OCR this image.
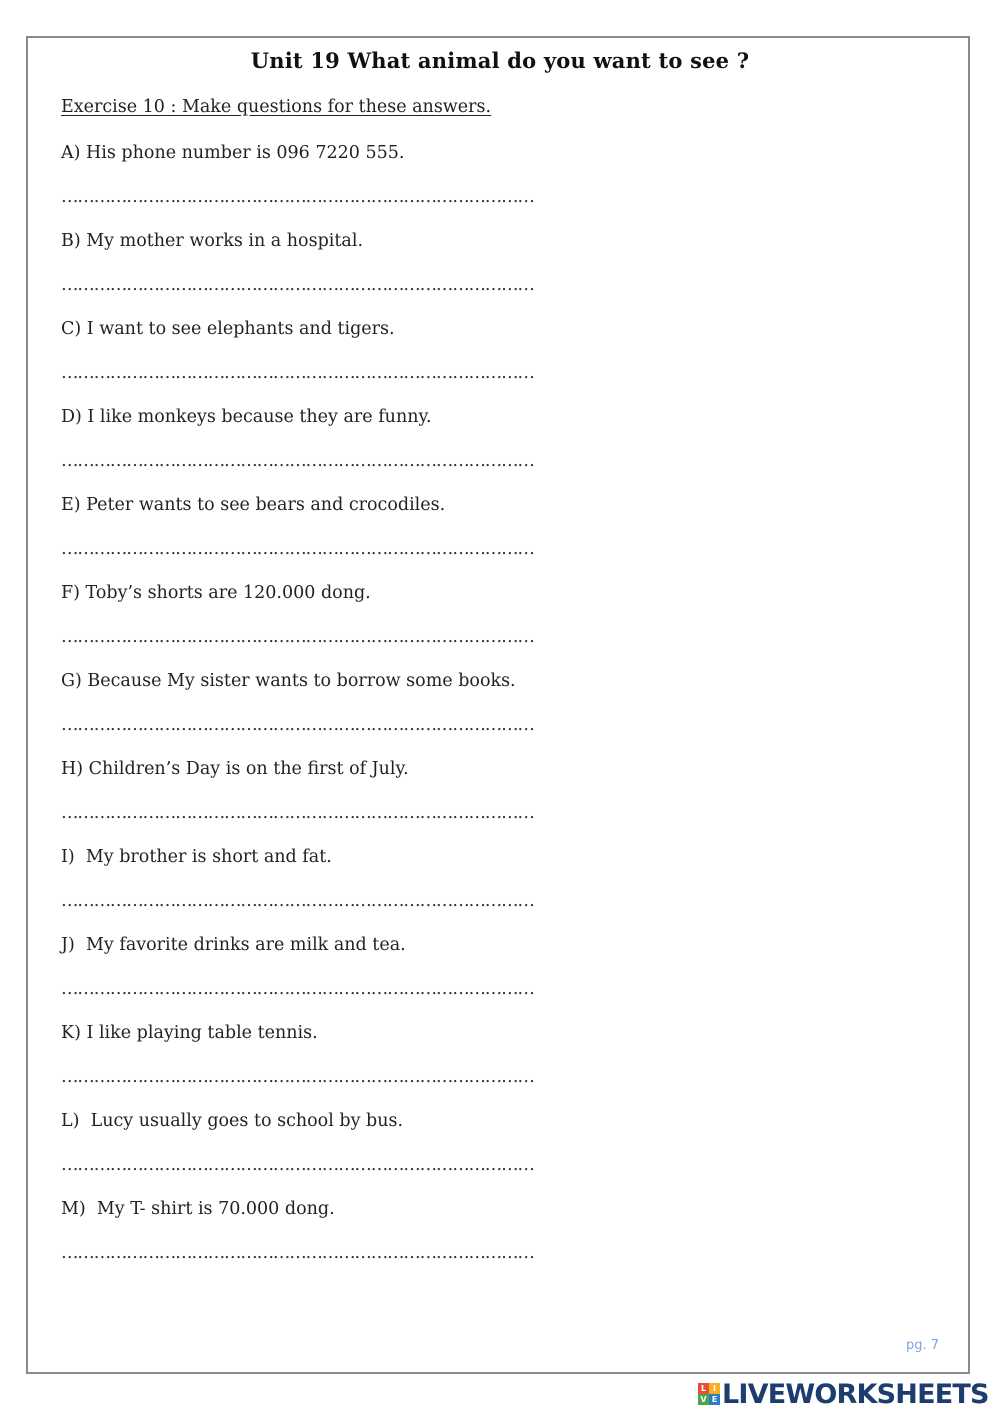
Unit 19 What animal do you want to see ?
Exercise 10 : Make questions for these answers.
A) His phone number is 096 7220 555.
……………………………………………………………………………
B) My mother works in a hospital.
……………………………………………………………………………
C) I want to see elephants and tigers.
……………………………………………………………………………
D) I like monkeys because they are funny.
……………………………………………………………………………
E) Peter wants to see bears and crocodiles.
……………………………………………………………………………
F) Toby’s shorts are 120.000 dong.
……………………………………………………………………………
G) Because My sister wants to borrow some books.
……………………………………………………………………………
H) Children’s Day is on the first of July.
……………………………………………………………………………
I)  My brother is short and fat.
……………………………………………………………………………
J)  My favorite drinks are milk and tea.
……………………………………………………………………………
K) I like playing table tennis.
……………………………………………………………………………
L)  Lucy usually goes to school by bus.
……………………………………………………………………………
M)  My T- shirt is 70.000 dong.
……………………………………………………………………………
pg. 7
L I
V E LIVEWORKSHEETS
